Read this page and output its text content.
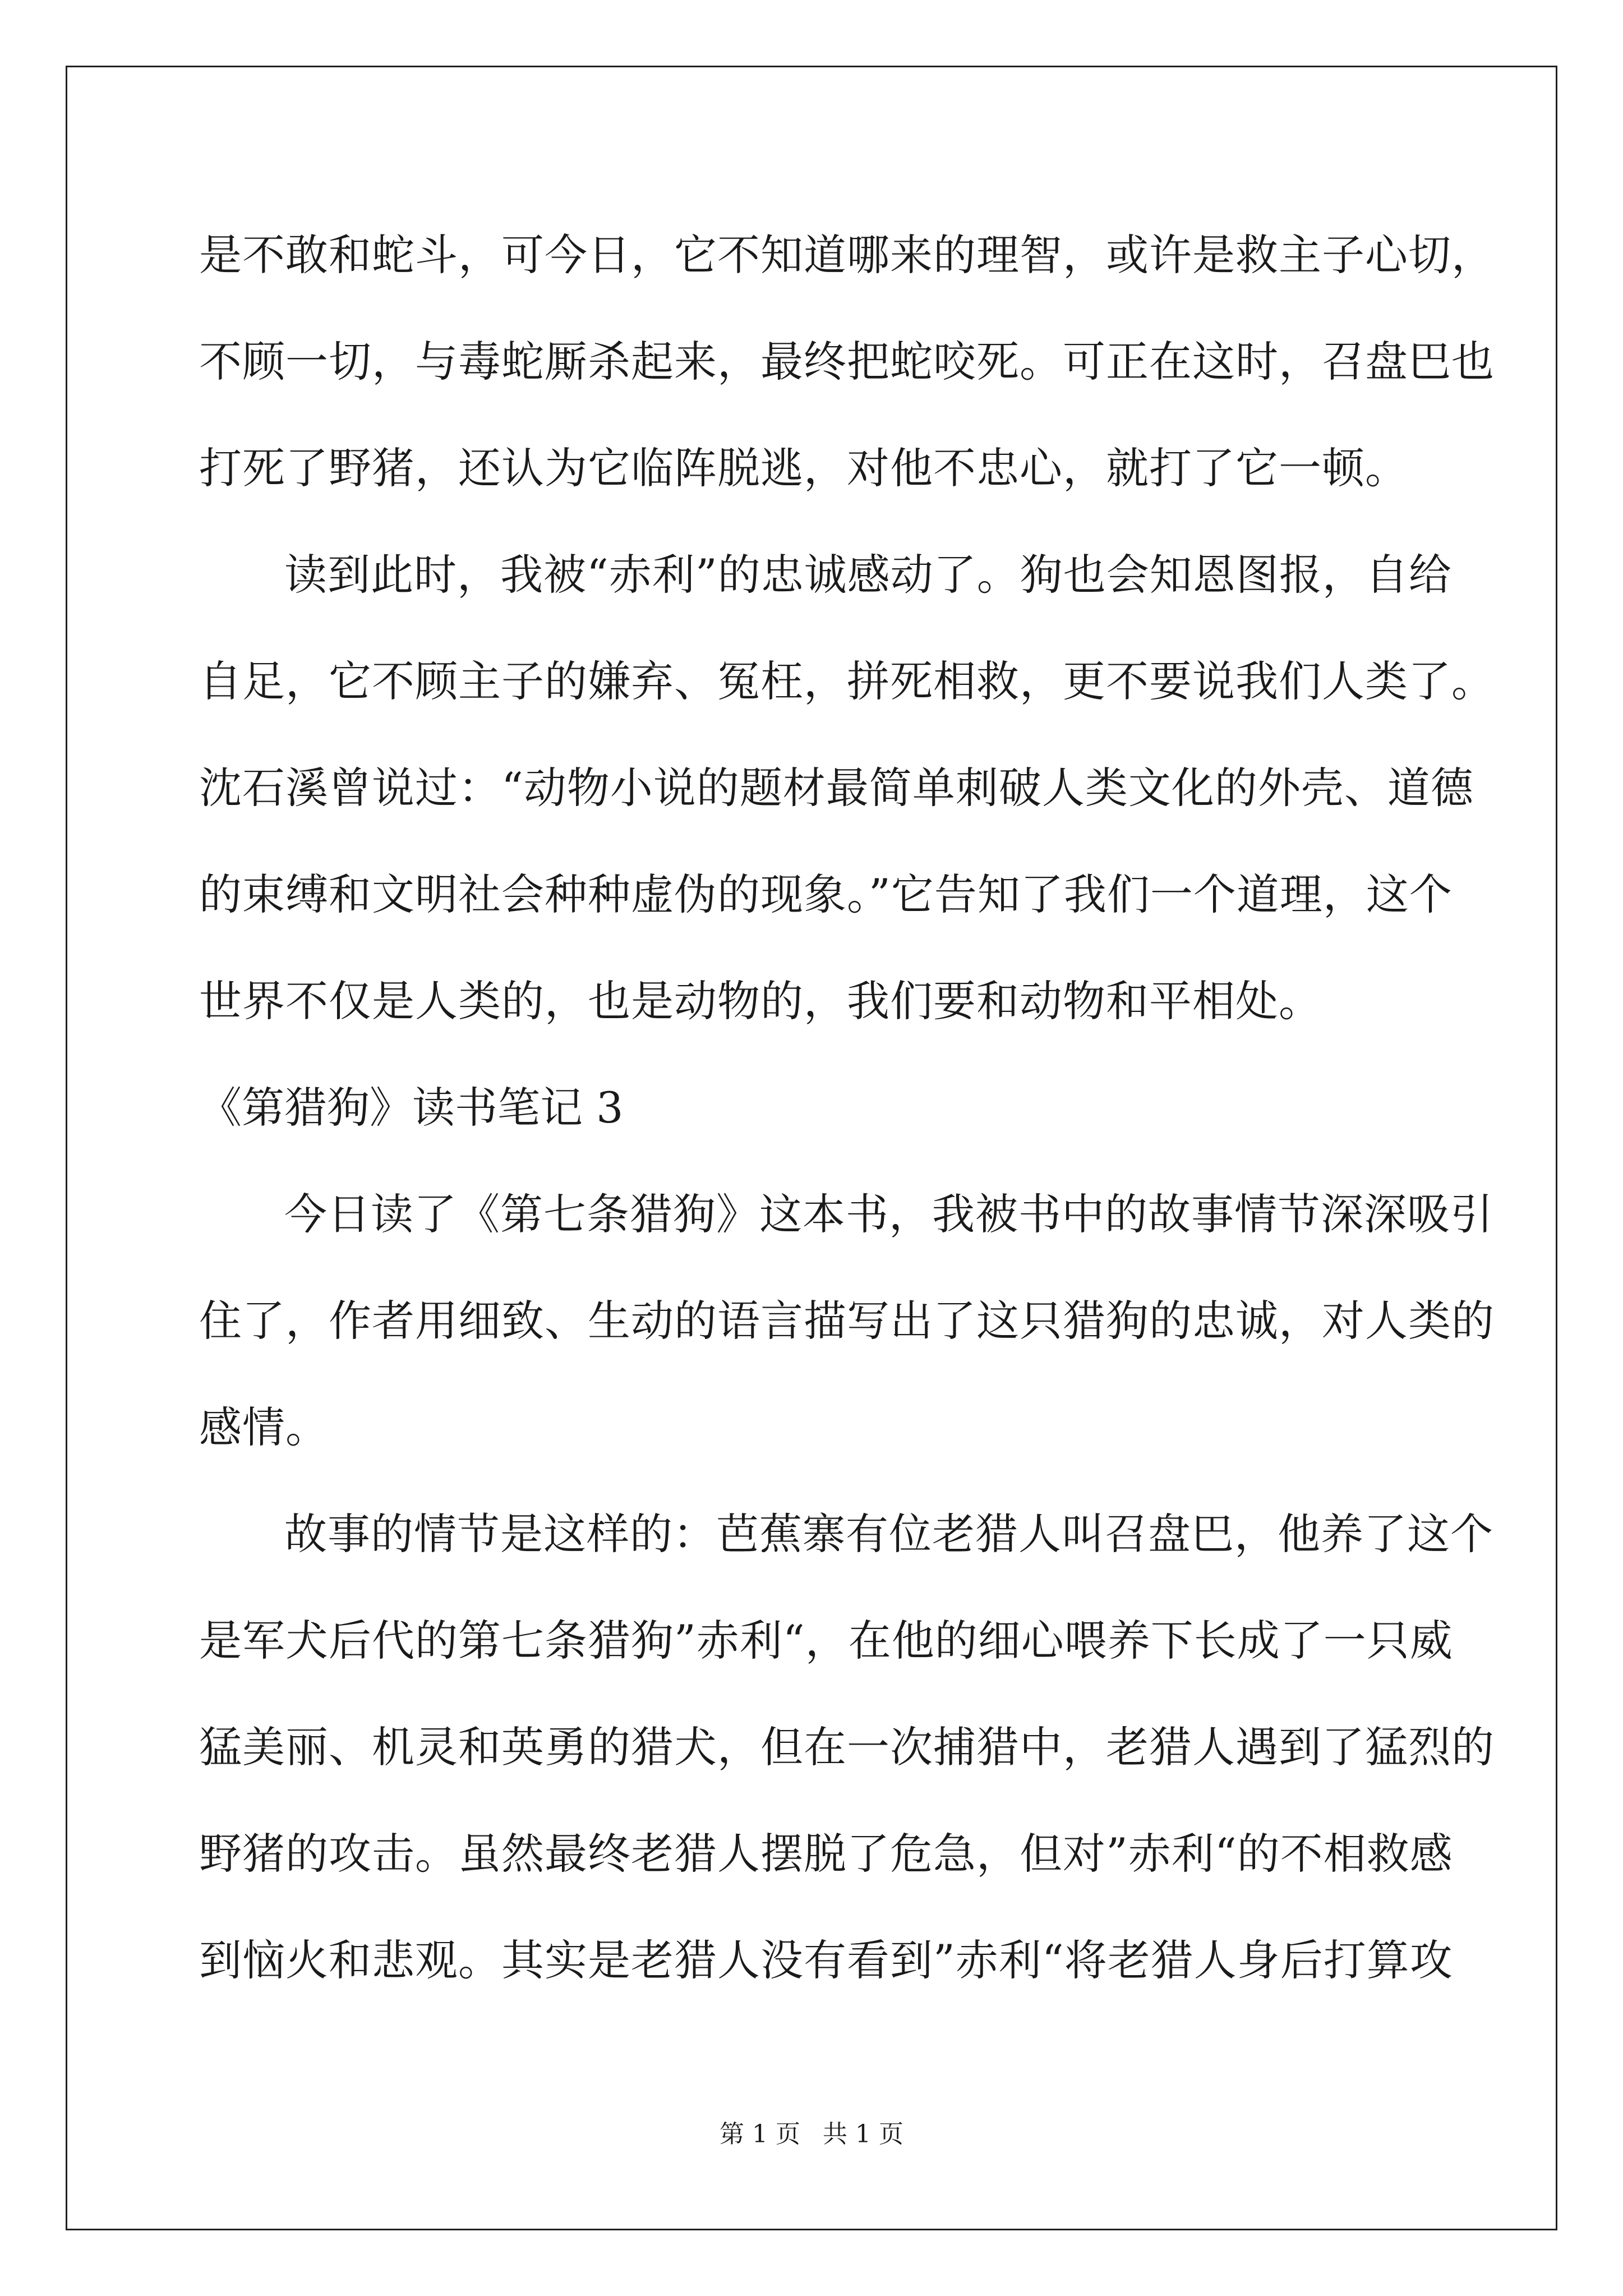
是不敢和蛇斗，可今日，它不知道哪来的理智，或许是救主子心切，
不顾一切，与毒蛇厮杀起来，最终把蛇咬死。可正在这时，召盘巴也
打死了野猪，还认为它临阵脱逃，对他不忠心，就打了它一顿。
读到此时，我被“赤利”的忠诚感动了。狗也会知恩图报，自给
自足，它不顾主子的嫌弃、冤枉，拼死相救，更不要说我们人类了。
沈石溪曾说过：“动物小说的题材最简单刺破人类文化的外壳、道德
的束缚和文明社会种种虚伪的现象。”它告知了我们一个道理，这个
世界不仅是人类的，也是动物的，我们要和动物和平相处。
《第猎狗》读书笔记 3
今日读了《第七条猎狗》这本书，我被书中的故事情节深深吸引
住了，作者用细致、生动的语言描写出了这只猎狗的忠诚，对人类的
感情。
故事的情节是这样的：芭蕉寨有位老猎人叫召盘巴，他养了这个
是军犬后代的第七条猎狗”赤利“，在他的细心喂养下长成了一只威
猛美丽、机灵和英勇的猎犬，但在一次捕猎中，老猎人遇到了猛烈的
野猪的攻击。虽然最终老猎人摆脱了危急，但对”赤利“的不相救感
到恼火和悲观。其实是老猎人没有看到”赤利“将老猎人身后打算攻
第 1 页 共 1 页
